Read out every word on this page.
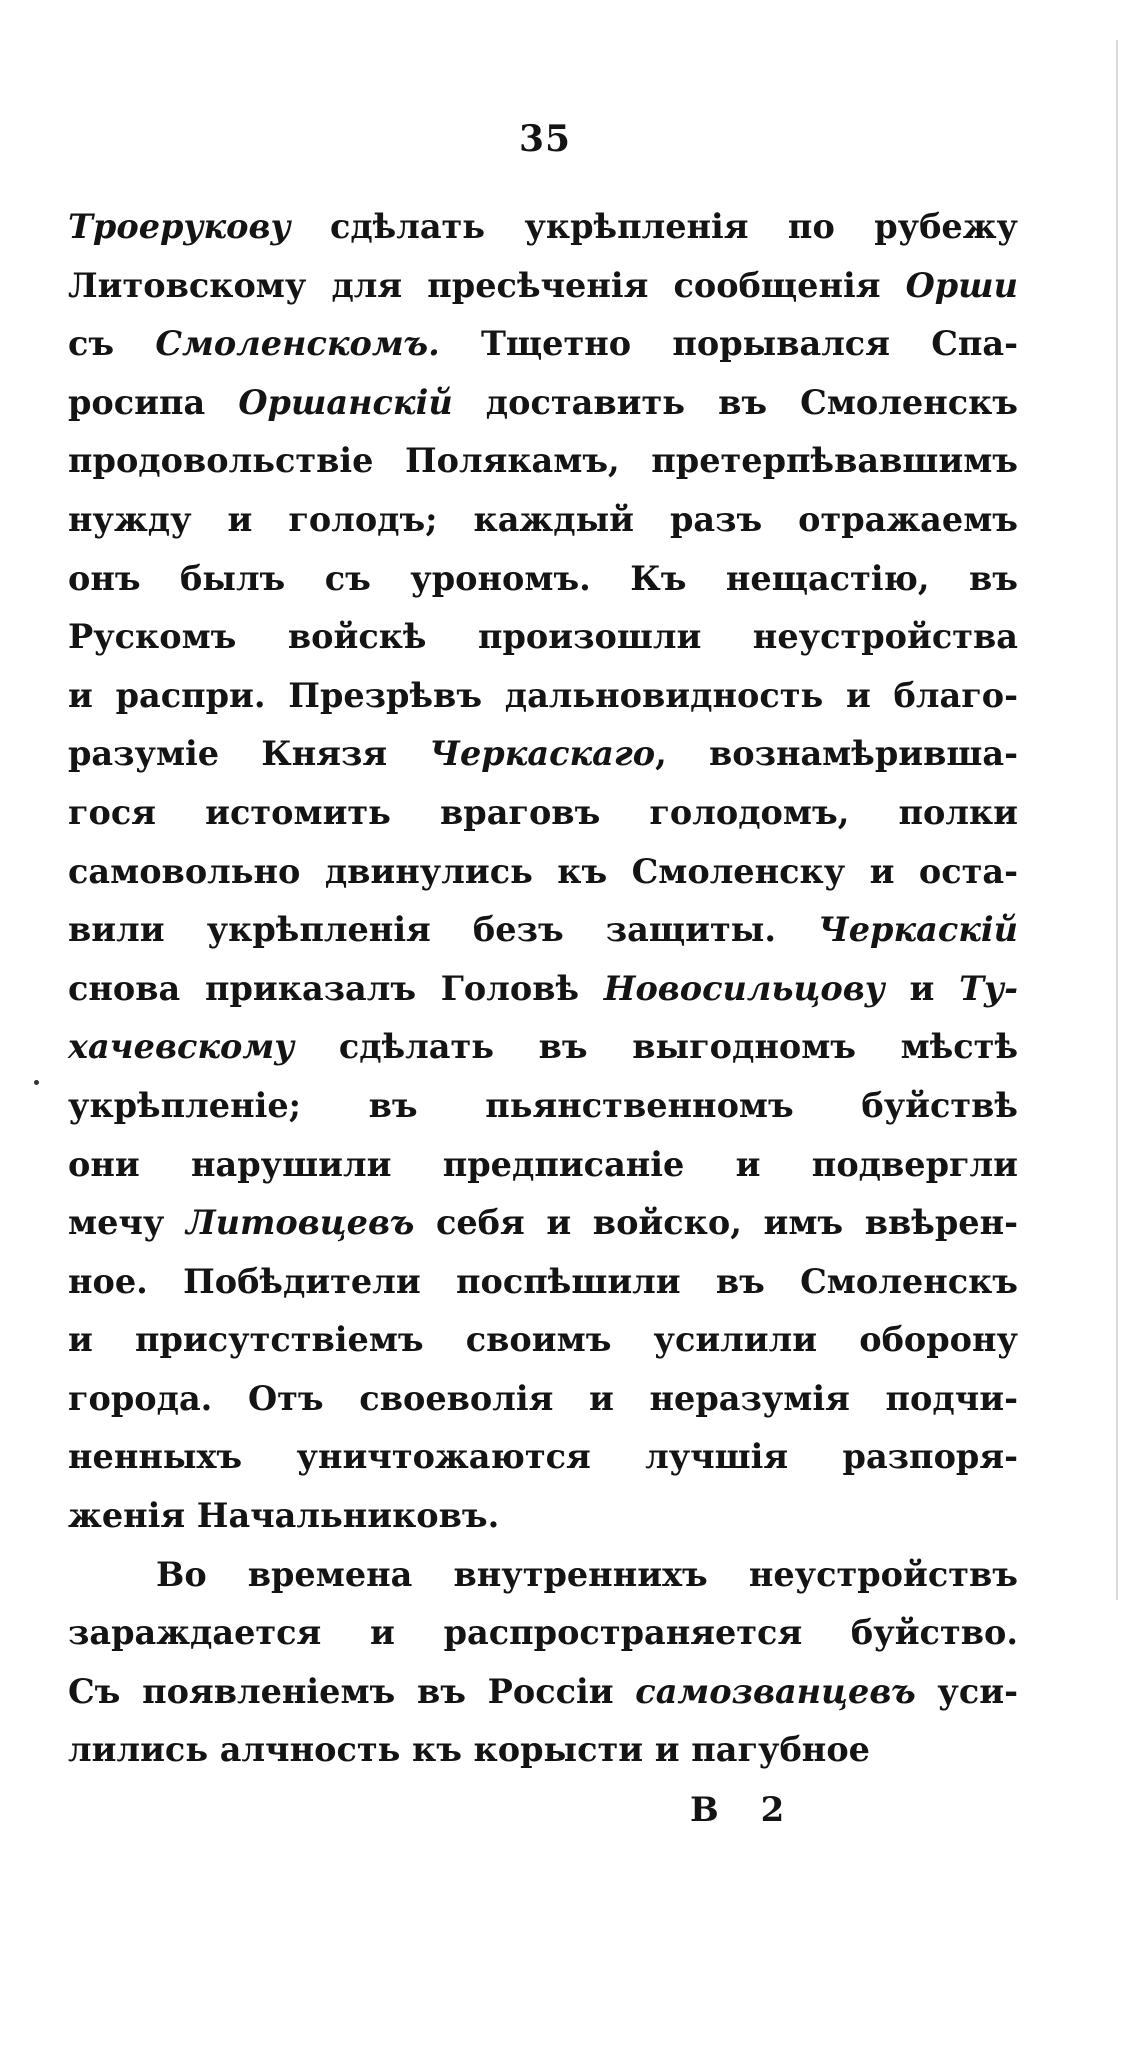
35
Троерукову сдѣлать укрѣпленія по рубежу
Литовскому для пресѣченія сообщенія Орши
съ Смоленскомъ. Тщетно порывался Спа-
росипа Оршанскій доставить въ Смоленскъ
продовольствіе Полякамъ, претерпѣвавшимъ
нужду и голодъ; каждый разъ отражаемъ
онъ былъ съ урономъ. Къ нещастію, въ
Рускомъ войскѣ произошли неустройства
и распри. Презрѣвъ дальновидность и благо-
разуміе Князя Черкаскаго, вознамѣривша-
гося истомить враговъ голодомъ, полки
самовольно двинулись къ Смоленску и оста-
вили укрѣпленія безъ защиты. Черкаскій
снова приказалъ Головѣ Новосильцову и Ту-
хачевскому сдѣлать въ выгодномъ мѣстѣ
укрѣпленіе; въ пьянственномъ буйствѣ
они нарушили предписаніе и подвергли
мечу Литовцевъ себя и войско, имъ ввѣрен-
ное. Побѣдители поспѣшили въ Смоленскъ
и присутствіемъ своимъ усилили оборону
города. Отъ своеволія и неразумія подчи-
ненныхъ уничтожаются лучшія разпоря-
женія Начальниковъ.
Во времена внутреннихъ неустройствъ
зараждается и распространяется буйство.
Съ появленіемъ въ Россіи самозванцевъ уси-
лились алчность къ корысти и пагубное
В 2
